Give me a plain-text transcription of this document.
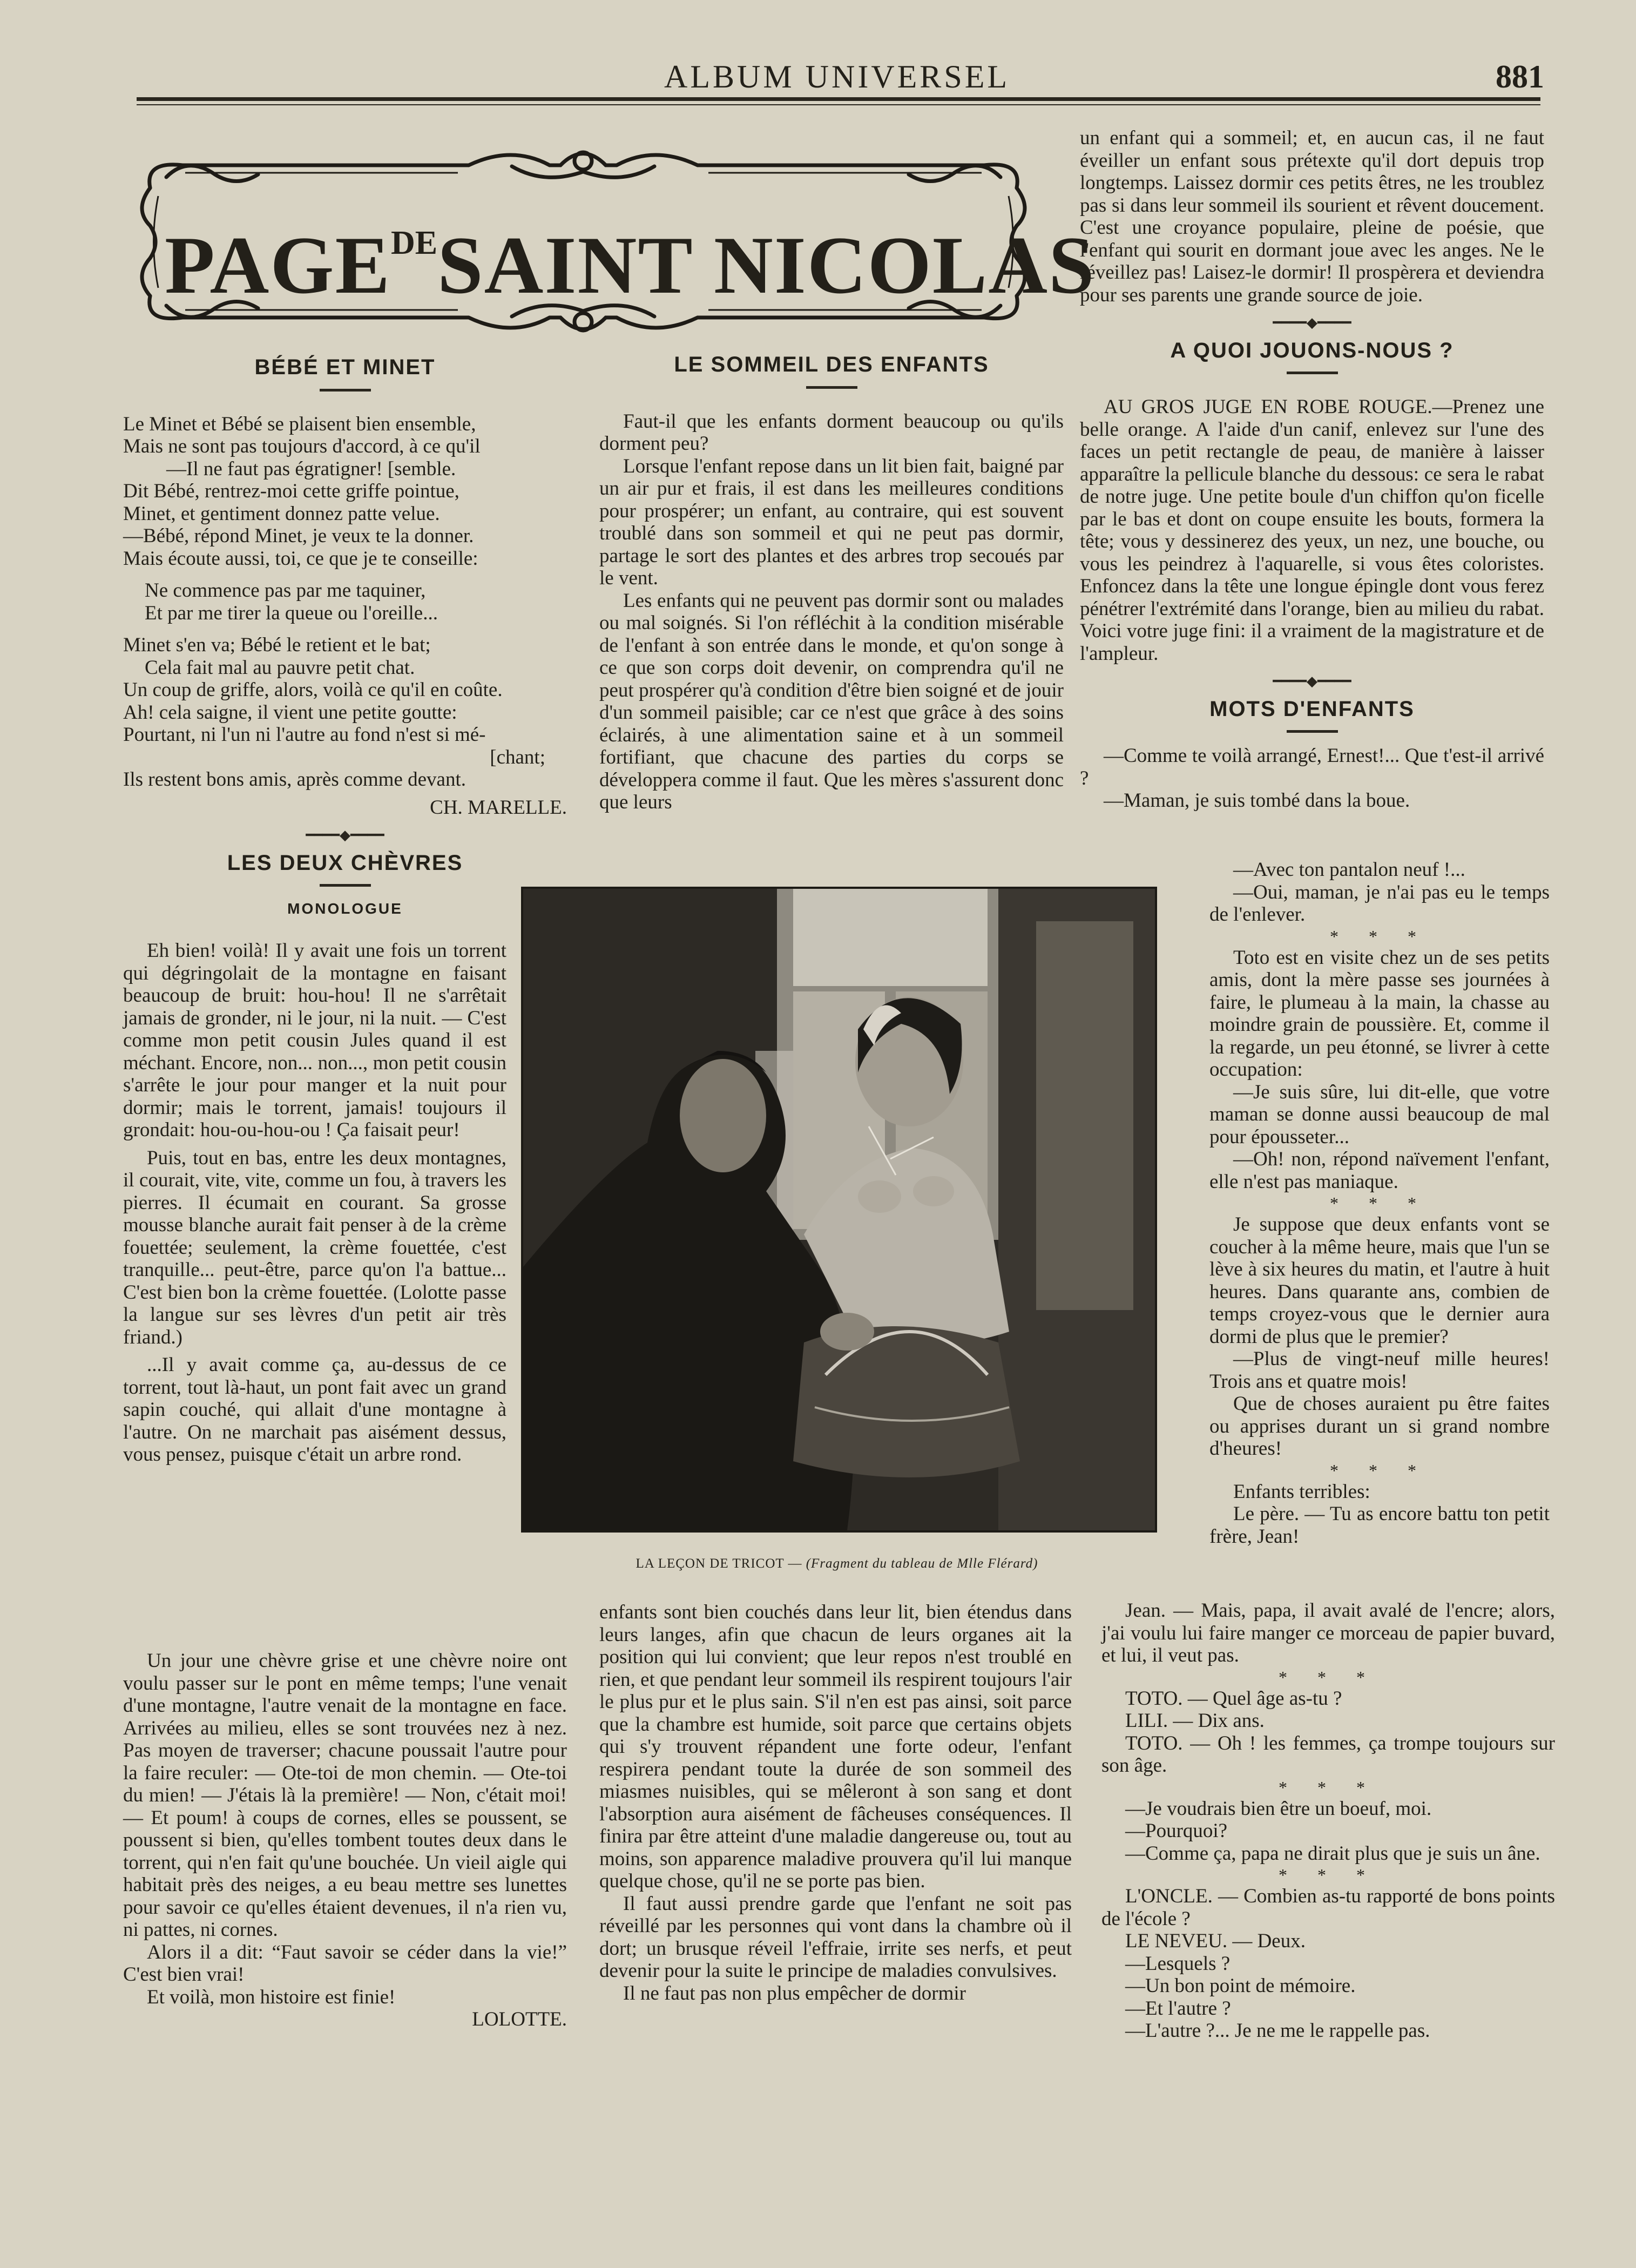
ALBUM UNIVERSEL	881
$PAGE^{DE}SAINT$ NICOLAS
BÉBÉ ET MINET

Le Minet et Bébé se plaisent bien ensemble,

Mais ne sont pas toujours d'accord, à ce qu'il

—Il ne faut pas égratigner! [semble.

Dit Bébé, rentrez-moi cette griffe pointue,

Minet, et gentiment donnez patte velue.

—Bébé, répond Minet, je veux te la donner.

Mais écoute aussi, toi, ce que je te conseille:

Ne commence pas par me taquiner,

Et par me tirer la queue ou l'oreille...

Minet s'en va; Bébé le retient et le bat;

Cela fait mal au pauvre petit chat.

Un coup de griffe, alors, voilà ce qu'il en coûte.

Ah! cela saigne, il vient une petite goutte:

Pourtant, ni l'un ni l'autre au fond n'est si mé-

[chant;

Ils restent bons amis, après comme devant.

CH. MARELLE.

━━━━◆━━━━
LES DEUX CHÈVRES
MONOLOGUE

Eh bien! voilà! Il y avait une fois un torrent qui dégringolait de la montagne en faisant beaucoup de bruit: hou-hou! Il ne s'arrêtait jamais de gronder, ni le jour, ni la nuit. — C'est comme mon petit cousin Jules quand il est méchant. Encore, non... non..., mon petit cousin s'arrête le jour pour manger et la nuit pour dormir; mais le torrent, jamais! toujours il grondait: hou-ou-hou-ou ! Ça faisait peur!

Puis, tout en bas, entre les deux montagnes, il courait, vite, vite, comme un fou, à travers les pierres. Il écumait en courant. Sa grosse mousse blanche aurait fait penser à de la crème fouettée; seulement, la crème fouettée, c'est tranquille... peut-être, parce qu'on l'a battue... C'est bien bon la crème fouettée. (Lolotte passe la langue sur ses lèvres d'un petit air très friand.)

...Il y avait comme ça, au-dessus de ce torrent, tout là-haut, un pont fait avec un grand sapin couché, qui allait d'une montagne à l'autre. On ne marchait pas aisément dessus, vous pensez, puisque c'était un arbre rond.

Un jour une chèvre grise et une chèvre noire ont voulu passer sur le pont en même temps; l'une venait d'une montagne, l'autre venait de la montagne en face. Arrivées au milieu, elles se sont trouvées nez à nez. Pas moyen de traverser; chacune poussait l'autre pour la faire reculer: — Ote-toi de mon chemin. — Ote-toi du mien! — J'étais là la première! — Non, c'était moi! — Et poum! à coups de cornes, elles se poussent, se poussent si bien, qu'elles tombent toutes deux dans le torrent, qui n'en fait qu'une bouchée. Un vieil aigle qui habitait près des neiges, a eu beau mettre ses lunettes pour savoir ce qu'elles étaient devenues, il n'a rien vu, ni pattes, ni cornes.

Alors il a dit: “Faut savoir se céder dans la vie!” C'est bien vrai!

Et voilà, mon histoire est finie!

LOLOTTE.

LE SOMMEIL DES ENFANTS

Faut-il que les enfants dorment beaucoup ou qu'ils dorment peu?

Lorsque l'enfant repose dans un lit bien fait, baigné par un air pur et frais, il est dans les meilleures conditions pour prospérer; un enfant, au contraire, qui est souvent troublé dans son sommeil et qui ne peut pas dormir, partage le sort des plantes et des arbres trop secoués par le vent.

Les enfants qui ne peuvent pas dormir sont ou malades ou mal soignés. Si l'on réfléchit à la condition misérable de l'enfant à son entrée dans le monde, et qu'on songe à ce que son corps doit devenir, on comprendra qu'il ne peut prospérer qu'à condition d'être bien soigné et de jouir d'un sommeil paisible; car ce n'est que grâce à des soins éclairés, à une alimentation saine et à un sommeil fortifiant, que chacune des parties du corps se développera comme il faut. Que les mères s'assurent donc que leurs

LA LEÇON DE TRICOT — (Fragment du tableau de Mlle Flérard)

enfants sont bien couchés dans leur lit, bien étendus dans leurs langes, afin que chacun de leurs organes ait la position qui lui convient; que leur repos n'est troublé en rien, et que pendant leur sommeil ils respirent toujours l'air le plus pur et le plus sain. S'il n'en est pas ainsi, soit parce que la chambre est humide, soit parce que certains objets qui s'y trouvent répandent une forte odeur, l'enfant respirera pendant toute la durée de son sommeil des miasmes nuisibles, qui se mêleront à son sang et dont l'absorption aura aisément de fâcheuses conséquences. Il finira par être atteint d'une maladie dangereuse ou, tout au moins, son apparence maladive prouvera qu'il lui manque quelque chose, qu'il ne se porte pas bien.

Il faut aussi prendre garde que l'enfant ne soit pas réveillé par les personnes qui vont dans la chambre où il dort; un brusque réveil l'effraie, irrite ses nerfs, et peut devenir pour la suite le principe de maladies convulsives.

Il ne faut pas non plus empêcher de dormir

un enfant qui a sommeil; et, en aucun cas, il ne faut éveiller un enfant sous prétexte qu'il dort depuis trop longtemps. Laissez dormir ces petits êtres, ne les troublez pas si dans leur sommeil ils sourient et rêvent doucement. C'est une croyance populaire, pleine de poésie, que l'enfant qui sourit en dormant joue avec les anges. Ne le réveillez pas! Laisez-le dormir! Il prospèrera et deviendra pour ses parents une grande source de joie.

━━━━◆━━━━
A QUOI JOUONS-NOUS ?

AU GROS JUGE EN ROBE ROUGE.—Prenez une belle orange. A l'aide d'un canif, enlevez sur l'une des faces un petit rectangle de peau, de manière à laisser apparaître la pellicule blanche du dessous: ce sera le rabat de notre juge. Une petite boule d'un chiffon qu'on ficelle par le bas et dont on coupe ensuite les bouts, formera la tête; vous y dessinerez des yeux, un nez, une bouche, ou vous les peindrez à l'aquarelle, si vous êtes coloristes. Enfoncez dans la tête une longue épingle dont vous ferez pénétrer l'extrémité dans l'orange, bien au milieu du rabat. Voici votre juge fini: il a vraiment de la magistrature et de l'ampleur.

━━━━◆━━━━
MOTS D'ENFANTS

—Comme te voilà arrangé, Ernest!... Que t'est-il arrivé ?

—Maman, je suis tombé dans la boue.

—Avec ton pantalon neuf !...

—Oui, maman, je n'ai pas eu le temps de l'enlever.

* * *

Toto est en visite chez un de ses petits amis, dont la mère passe ses journées à faire, le plumeau à la main, la chasse au moindre grain de poussière. Et, comme il la regarde, un peu étonné, se livrer à cette occupation:

—Je suis sûre, lui dit-elle, que votre maman se donne aussi beaucoup de mal pour épousseter...

—Oh! non, répond naïvement l'enfant, elle n'est pas maniaque.

* * *

Je suppose que deux enfants vont se coucher à la même heure, mais que l'un se lève à six heures du matin, et l'autre à huit heures. Dans quarante ans, combien de temps croyez-vous que le dernier aura dormi de plus que le premier?

—Plus de vingt-neuf mille heures! Trois ans et quatre mois!

Que de choses auraient pu être faites ou apprises durant un si grand nombre d'heures!

* * *

Enfants terribles:

Le père. — Tu as encore battu ton petit frère, Jean!

Jean. — Mais, papa, il avait avalé de l'encre; alors, j'ai voulu lui faire manger ce morceau de papier buvard, et lui, il veut pas.

* * *

TOTO. — Quel âge as-tu ?

LILI. — Dix ans.

TOTO. — Oh ! les femmes, ça trompe toujours sur son âge.

* * *

—Je voudrais bien être un boeuf, moi.

—Pourquoi?

—Comme ça, papa ne dirait plus que je suis un âne.

* * *

L'ONCLE. — Combien as-tu rapporté de bons points de l'école ?

LE NEVEU. — Deux.

—Lesquels ?

—Un bon point de mémoire.

—Et l'autre ?

—L'autre ?... Je ne me le rappelle pas.
